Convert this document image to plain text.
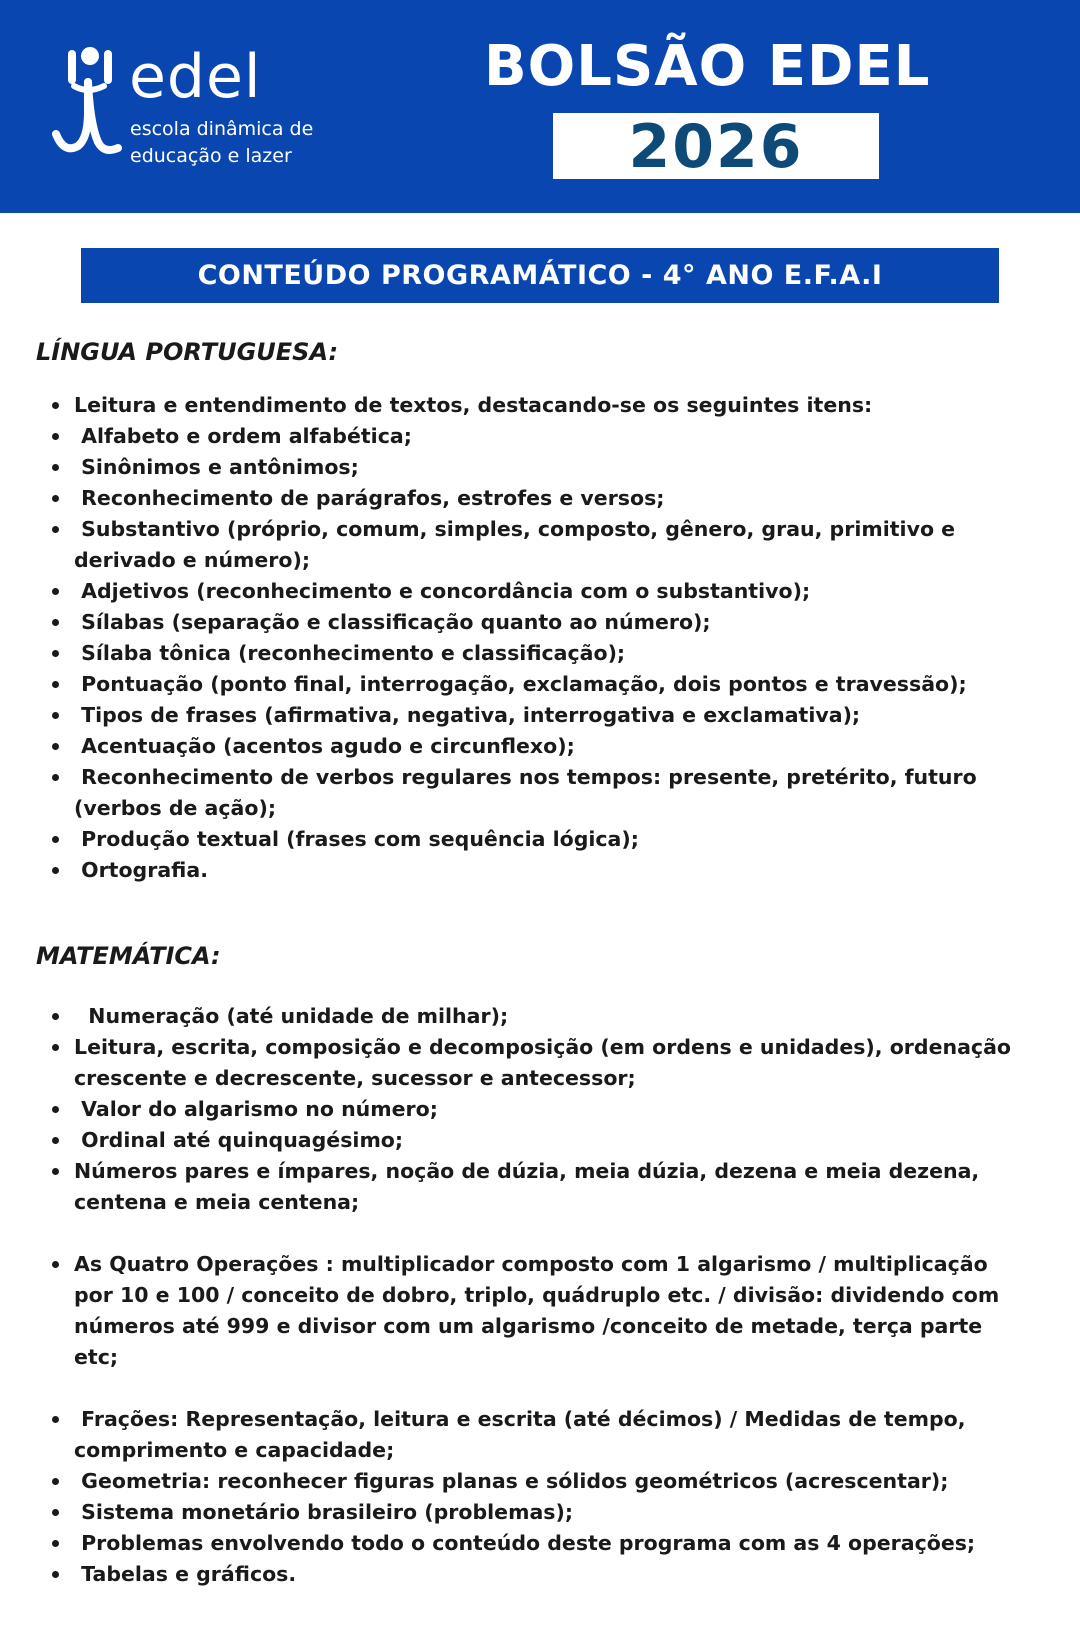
edel
escola dinâmica de
educação e lazer
BOLSÃO EDEL
2026
CONTEÚDO PROGRAMÁTICO - 4° ANO E.F.A.I
LÍNGUA PORTUGUESA:
Leitura e entendimento de textos, destacando-se os seguintes itens:
Alfabeto e ordem alfabética;
Sinônimos e antônimos;
Reconhecimento de parágrafos, estrofes e versos;
Substantivo (próprio, comum, simples, composto, gênero, grau, primitivo e derivado e número);
Adjetivos (reconhecimento e concordância com o substantivo);
Sílabas (separação e classificação quanto ao número);
Sílaba tônica (reconhecimento e classificação);
Pontuação (ponto final, interrogação, exclamação, dois pontos e travessão);
Tipos de frases (afirmativa, negativa, interrogativa e exclamativa);
Acentuação (acentos agudo e circunflexo);
Reconhecimento de verbos regulares nos tempos: presente, pretérito, futuro (verbos de ação);
Produção textual (frases com sequência lógica);
Ortografia.
MATEMÁTICA:
Numeração (até unidade de milhar);
Leitura, escrita, composição e decomposição (em ordens e unidades), ordenação crescente e decrescente, sucessor e antecessor;
Valor do algarismo no número;
Ordinal até quinquagésimo;
Números pares e ímpares, noção de dúzia, meia dúzia, dezena e meia dezena, centena e meia centena;
As Quatro Operações : multiplicador composto com 1 algarismo / multiplicação por 10 e 100 / conceito de dobro, triplo, quádruplo etc. / divisão: dividendo com números até 999 e divisor com um algarismo /conceito de metade, terça parte etc;
Frações: Representação, leitura e escrita (até décimos) / Medidas de tempo, comprimento e capacidade;
Geometria: reconhecer figuras planas e sólidos geométricos (acrescentar);
Sistema monetário brasileiro (problemas);
Problemas envolvendo todo o conteúdo deste programa com as 4 operações;
Tabelas e gráficos.
